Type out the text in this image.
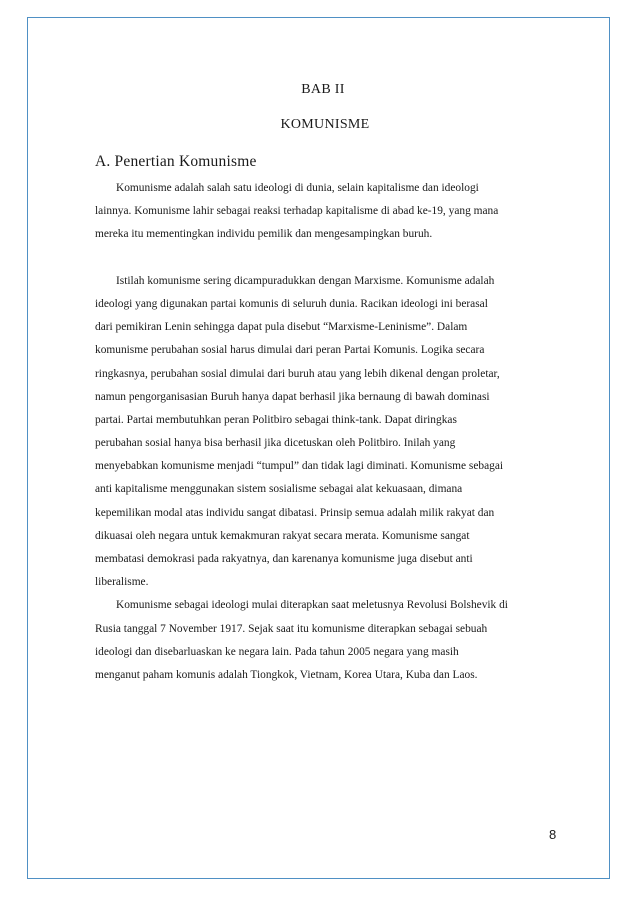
BAB II
KOMUNISME
A. Penertian Komunisme
Komunisme adalah salah satu ideologi di dunia, selain kapitalisme dan ideologi
lainnya. Komunisme lahir sebagai reaksi terhadap kapitalisme di abad ke-19, yang mana
mereka itu mementingkan individu pemilik dan mengesampingkan buruh.
Istilah komunisme sering dicampuradukkan dengan Marxisme. Komunisme adalah
ideologi yang digunakan partai komunis di seluruh dunia. Racikan ideologi ini berasal
dari pemikiran Lenin sehingga dapat pula disebut “Marxisme-Leninisme”. Dalam
komunisme perubahan sosial harus dimulai dari peran Partai Komunis. Logika secara
ringkasnya, perubahan sosial dimulai dari buruh atau yang lebih dikenal dengan proletar,
namun pengorganisasian Buruh hanya dapat berhasil jika bernaung di bawah dominasi
partai. Partai membutuhkan peran Politbiro sebagai think-tank. Dapat diringkas
perubahan sosial hanya bisa berhasil jika dicetuskan oleh Politbiro. Inilah yang
menyebabkan komunisme menjadi “tumpul” dan tidak lagi diminati. Komunisme sebagai
anti kapitalisme menggunakan sistem sosialisme sebagai alat kekuasaan, dimana
kepemilikan modal atas individu sangat dibatasi. Prinsip semua adalah milik rakyat dan
dikuasai oleh negara untuk kemakmuran rakyat secara merata. Komunisme sangat
membatasi demokrasi pada rakyatnya, dan karenanya komunisme juga disebut anti
liberalisme.
Komunisme sebagai ideologi mulai diterapkan saat meletusnya Revolusi Bolshevik di
Rusia tanggal 7 November 1917. Sejak saat itu komunisme diterapkan sebagai sebuah
ideologi dan disebarluaskan ke negara lain. Pada tahun 2005 negara yang masih
menganut paham komunis adalah Tiongkok, Vietnam, Korea Utara, Kuba dan Laos.
8
